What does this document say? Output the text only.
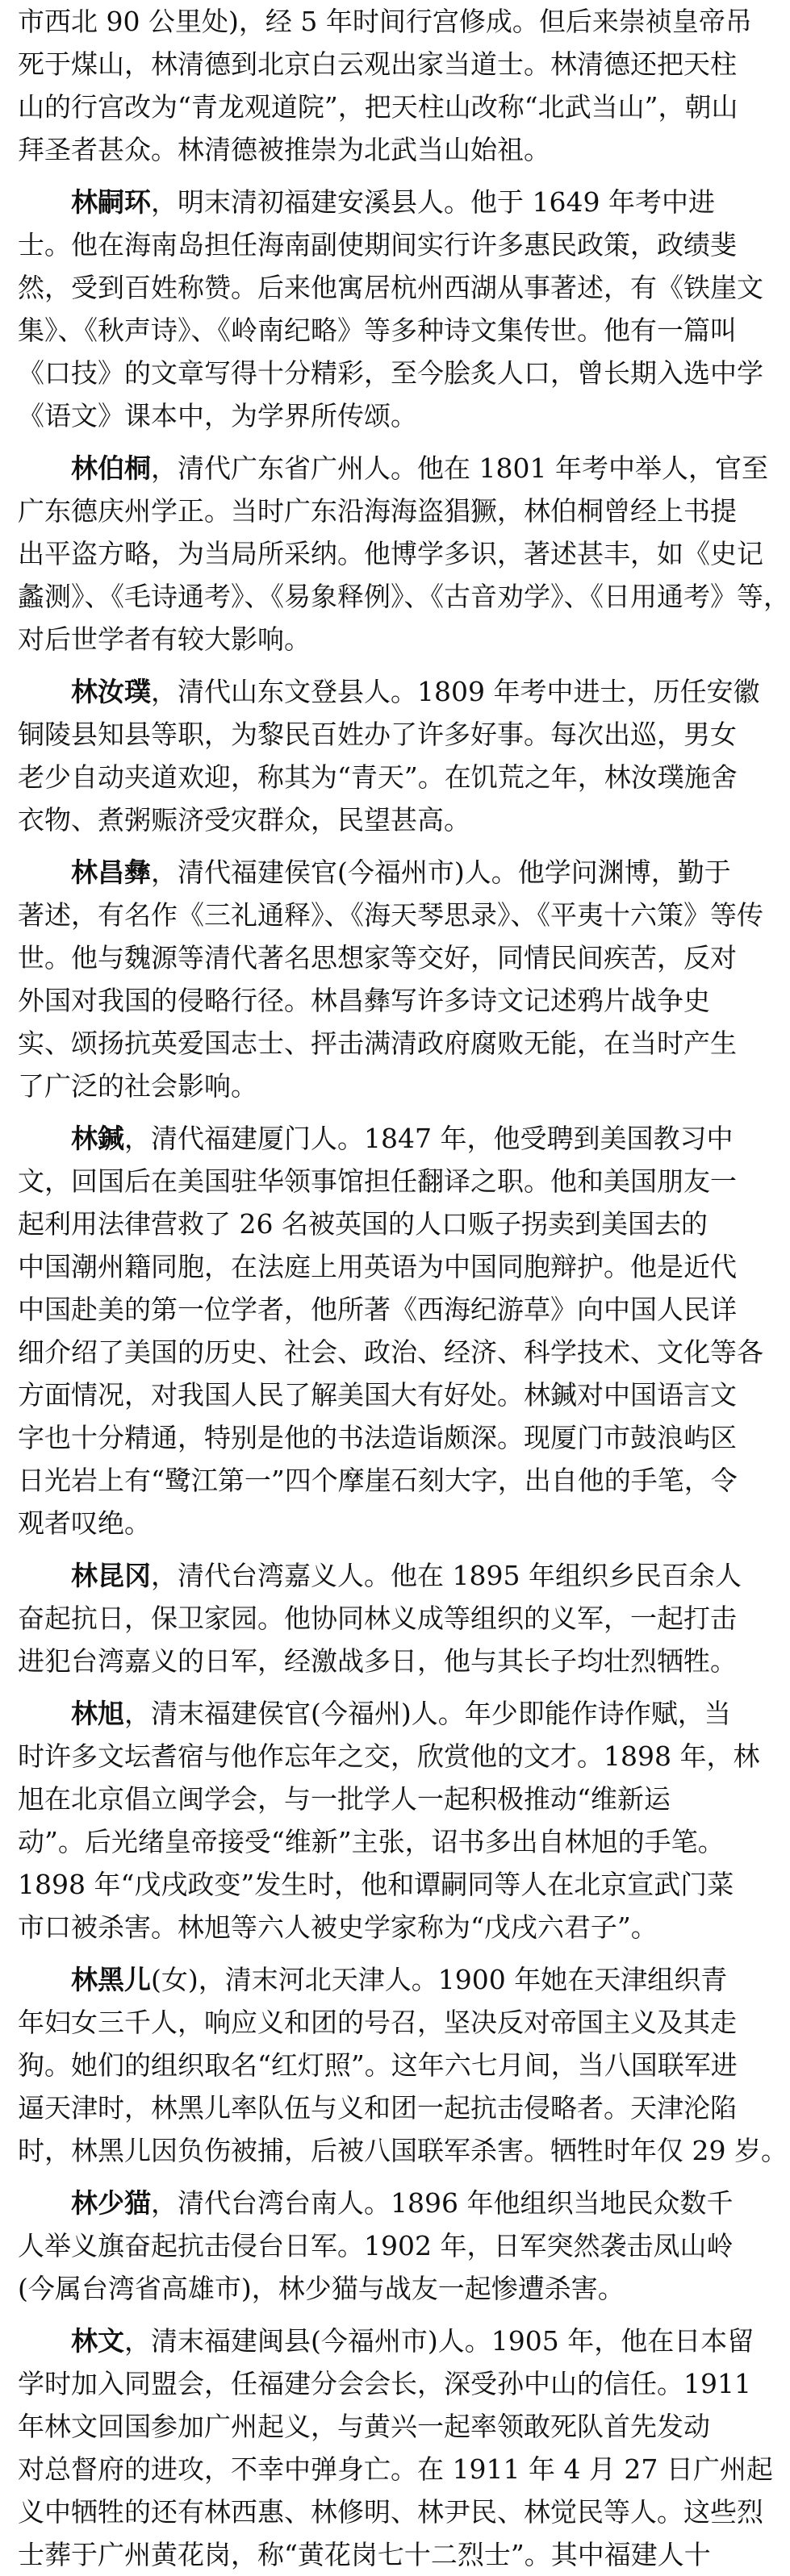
市西北 90 公里处)，经 5 年时间行宫修成。但后来崇祯皇帝吊
死于煤山，林清德到北京白云观出家当道士。林清德还把天柱
山的行宫改为“青龙观道院”，把天柱山改称“北武当山”，朝山
拜圣者甚众。林清德被推崇为北武当山始祖。
林嗣环，明末清初福建安溪县人。他于 1649 年考中进
士。他在海南岛担任海南副使期间实行许多惠民政策，政绩斐
然，受到百姓称赞。后来他寓居杭州西湖从事著述，有《铁崖文
集》、《秋声诗》、《岭南纪略》等多种诗文集传世。他有一篇叫
《口技》的文章写得十分精彩，至今脍炙人口，曾长期入选中学
《语文》课本中，为学界所传颂。
林伯桐，清代广东省广州人。他在 1801 年考中举人，官至
广东德庆州学正。当时广东沿海海盗猖獗，林伯桐曾经上书提
出平盗方略，为当局所采纳。他博学多识，著述甚丰，如《史记
蠡测》、《毛诗通考》、《易象释例》、《古音劝学》、《日用通考》等，
对后世学者有较大影响。
林汝璞，清代山东文登县人。1809 年考中进士，历任安徽
铜陵县知县等职，为黎民百姓办了许多好事。每次出巡，男女
老少自动夹道欢迎，称其为“青天”。在饥荒之年，林汝璞施舍
衣物、煮粥赈济受灾群众，民望甚高。
林昌彝，清代福建侯官(今福州市)人。他学问渊博，勤于
著述，有名作《三礼通释》、《海天琴思录》、《平夷十六策》等传
世。他与魏源等清代著名思想家等交好，同情民间疾苦，反对
外国对我国的侵略行径。林昌彝写许多诗文记述鸦片战争史
实、颂扬抗英爱国志士、抨击满清政府腐败无能，在当时产生
了广泛的社会影响。
林鍼，清代福建厦门人。1847 年，他受聘到美国教习中
文，回国后在美国驻华领事馆担任翻译之职。他和美国朋友一
起利用法律营救了 26 名被英国的人口贩子拐卖到美国去的
中国潮州籍同胞，在法庭上用英语为中国同胞辩护。他是近代
中国赴美的第一位学者，他所著《西海纪游草》向中国人民详
细介绍了美国的历史、社会、政治、经济、科学技术、文化等各
方面情况，对我国人民了解美国大有好处。林鍼对中国语言文
字也十分精通，特别是他的书法造诣颇深。现厦门市鼓浪屿区
日光岩上有“鹭江第一”四个摩崖石刻大字，出自他的手笔，令
观者叹绝。
林昆冈，清代台湾嘉义人。他在 1895 年组织乡民百余人
奋起抗日，保卫家园。他协同林义成等组织的义军，一起打击
进犯台湾嘉义的日军，经激战多日，他与其长子均壮烈牺牲。
林旭，清末福建侯官(今福州)人。年少即能作诗作赋，当
时许多文坛耆宿与他作忘年之交，欣赏他的文才。1898 年，林
旭在北京倡立闽学会，与一批学人一起积极推动“维新运
动”。后光绪皇帝接受“维新”主张，诏书多出自林旭的手笔。
1898 年“戊戌政变”发生时，他和谭嗣同等人在北京宣武门菜
市口被杀害。林旭等六人被史学家称为“戊戌六君子”。
林黑儿(女)，清末河北天津人。1900 年她在天津组织青
年妇女三千人，响应义和团的号召，坚决反对帝国主义及其走
狗。她们的组织取名“红灯照”。这年六七月间，当八国联军进
逼天津时，林黑儿率队伍与义和团一起抗击侵略者。天津沦陷
时，林黑儿因负伤被捕，后被八国联军杀害。牺牲时年仅 29 岁。
林少猫，清代台湾台南人。1896 年他组织当地民众数千
人举义旗奋起抗击侵台日军。1902 年，日军突然袭击凤山岭
(今属台湾省高雄市)，林少猫与战友一起惨遭杀害。
林文，清末福建闽县(今福州市)人。1905 年，他在日本留
学时加入同盟会，任福建分会会长，深受孙中山的信任。1911
年林文回国参加广州起义，与黄兴一起率领敢死队首先发动
对总督府的进攻，不幸中弹身亡。在 1911 年 4 月 27 日广州起
义中牺牲的还有林西惠、林修明、林尹民、林觉民等人。这些烈
士葬于广州黄花岗，称“黄花岗七十二烈士”。其中福建人十
